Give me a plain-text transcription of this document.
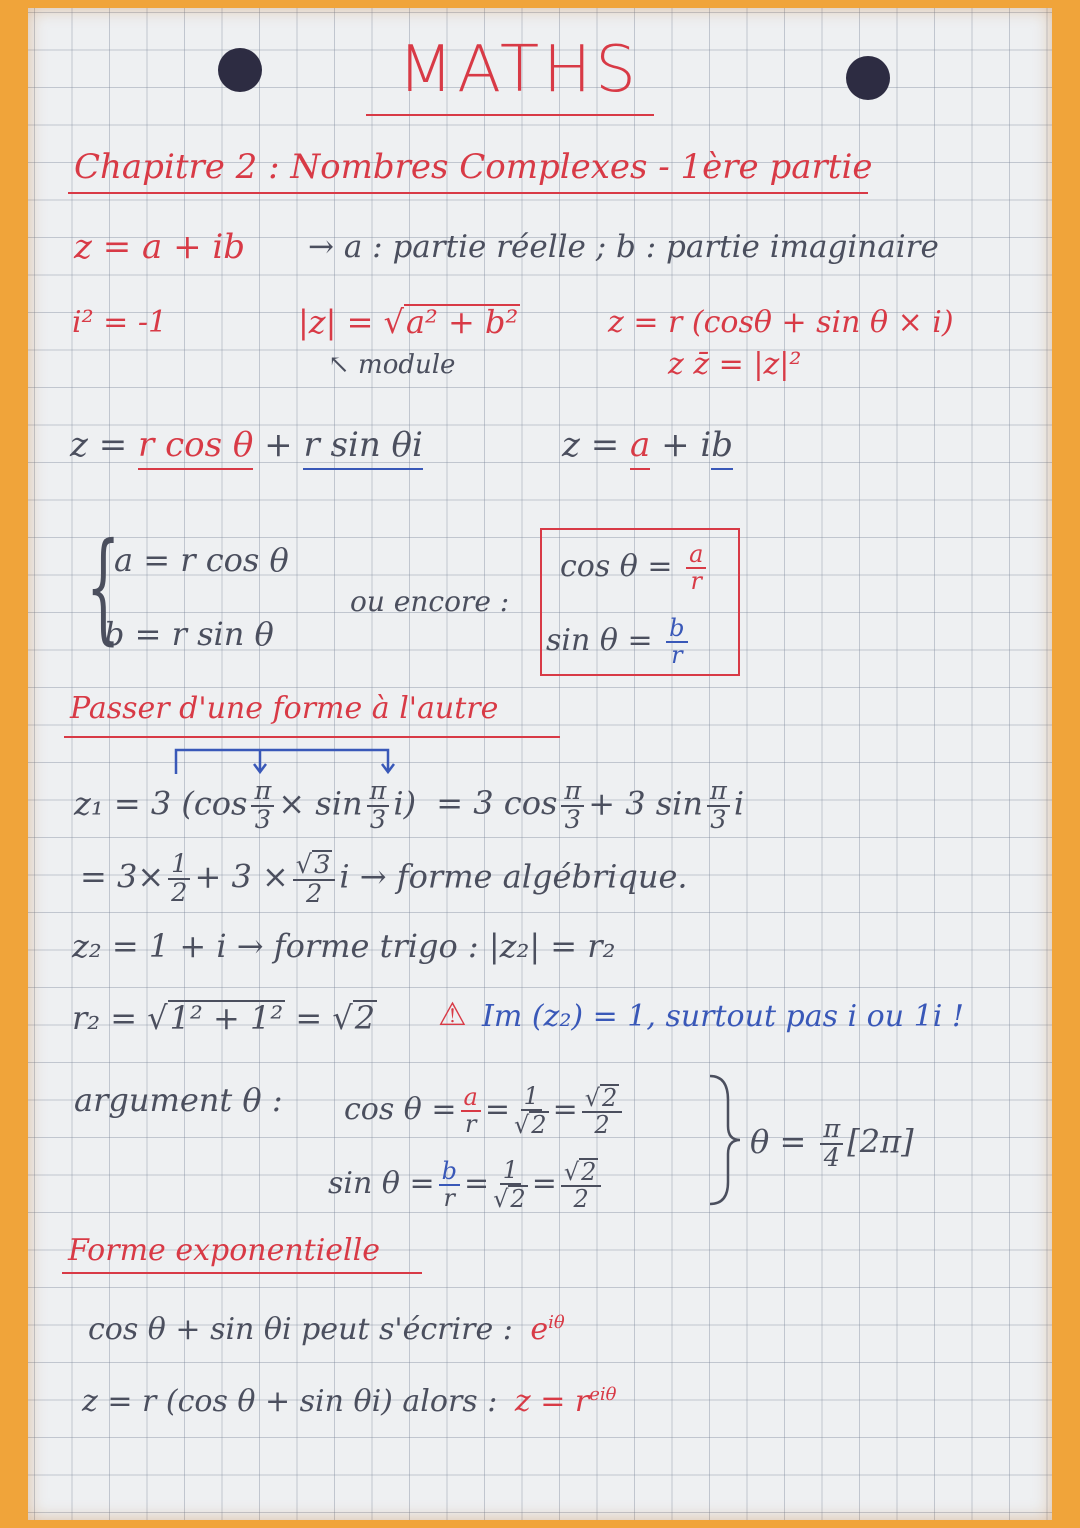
MATHS
Chapitre 2 : Nombres Complexes - 1ère partie
z = a + ib → a : partie réelle ; b : partie imaginaire
i² = -1	|z| = √a² + b²
↖ module
z = r (cosθ + sin θ × i)
z z̄ = |z|²
z = r cos θ + r sin θi	z = a + ib
{
a = r cos θ
b = r sin θ
ou encore :
$\cos \theta = \frac{a}{r}$
$\sin \theta = \frac{b}{r}$
Passer d'une forme à l'autre
z₁ = 3 $(\cos \frac{\pi}{3} \times \sin \frac{\pi}{3} i) = 3$ $\cos \frac{\pi}{3} + 3$ $\sin \frac{\pi}{3}$ i
= $3\times \frac{1}{2} + 3 \times \frac{√3}{2}$ i → forme algébrique.
z₂ = 1 + i → forme trigo : |z₂| = r₂
r₂ = √1² + 1² = √2 ⚠ Im (z₂) = 1, surtout pas i ou 1i !
argument θ : $\cos \theta = \frac{a}{r} = \frac{1}{√2} = \frac{√2}{2}$
$\sin \theta = \frac{b}{r} = \frac{1}{√2} = \frac{√2}{2}$
$\theta = \frac{\pi}{4} [2\pi]$
Forme exponentielle
cos θ + sin θi peut s'écrire : $e^{i\theta}$
z = r (cos θ + sin θi) alors : $z = r^{ei\theta}$
